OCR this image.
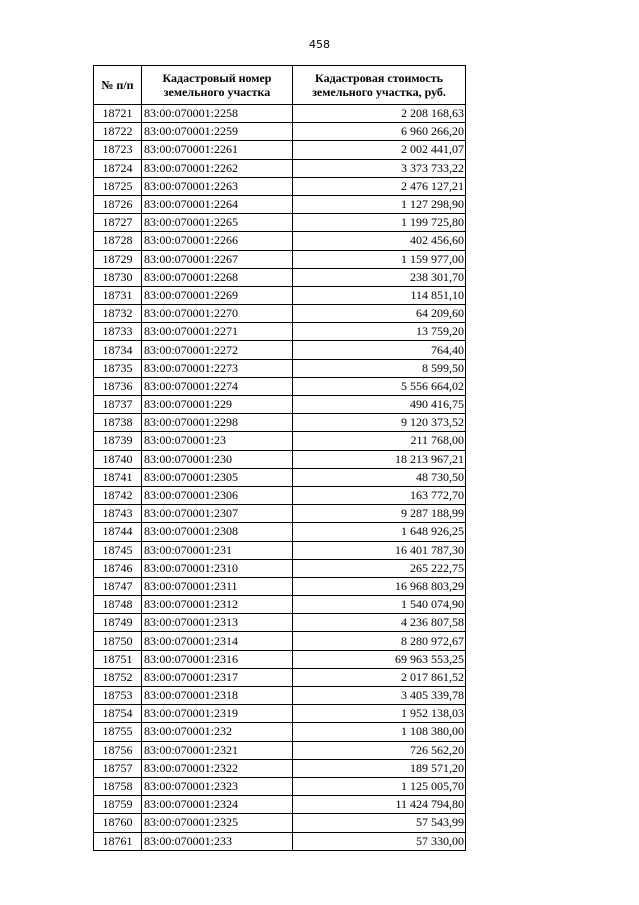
458
№ п/п	Кадастровый номер земельного участка	Кадастровая стоимость земельного участка, руб.
18721	83:00:070001:2258	2 208 168,63
18722	83:00:070001:2259	6 960 266,20
18723	83:00:070001:2261	2 002 441,07
18724	83:00:070001:2262	3 373 733,22
18725	83:00:070001:2263	2 476 127,21
18726	83:00:070001:2264	1 127 298,90
18727	83:00:070001:2265	1 199 725,80
18728	83:00:070001:2266	402 456,60
18729	83:00:070001:2267	1 159 977,00
18730	83:00:070001:2268	238 301,70
18731	83:00:070001:2269	114 851,10
18732	83:00:070001:2270	64 209,60
18733	83:00:070001:2271	13 759,20
18734	83:00:070001:2272	764,40
18735	83:00:070001:2273	8 599,50
18736	83:00:070001:2274	5 556 664,02
18737	83:00:070001:229	490 416,75
18738	83:00:070001:2298	9 120 373,52
18739	83:00:070001:23	211 768,00
18740	83:00:070001:230	18 213 967,21
18741	83:00:070001:2305	48 730,50
18742	83:00:070001:2306	163 772,70
18743	83:00:070001:2307	9 287 188,99
18744	83:00:070001:2308	1 648 926,25
18745	83:00:070001:231	16 401 787,30
18746	83:00:070001:2310	265 222,75
18747	83:00:070001:2311	16 968 803,29
18748	83:00:070001:2312	1 540 074,90
18749	83:00:070001:2313	4 236 807,58
18750	83:00:070001:2314	8 280 972,67
18751	83:00:070001:2316	69 963 553,25
18752	83:00:070001:2317	2 017 861,52
18753	83:00:070001:2318	3 405 339,78
18754	83:00:070001:2319	1 952 138,03
18755	83:00:070001:232	1 108 380,00
18756	83:00:070001:2321	726 562,20
18757	83:00:070001:2322	189 571,20
18758	83:00:070001:2323	1 125 005,70
18759	83:00:070001:2324	11 424 794,80
18760	83:00:070001:2325	57 543,99
18761	83:00:070001:233	57 330,00
